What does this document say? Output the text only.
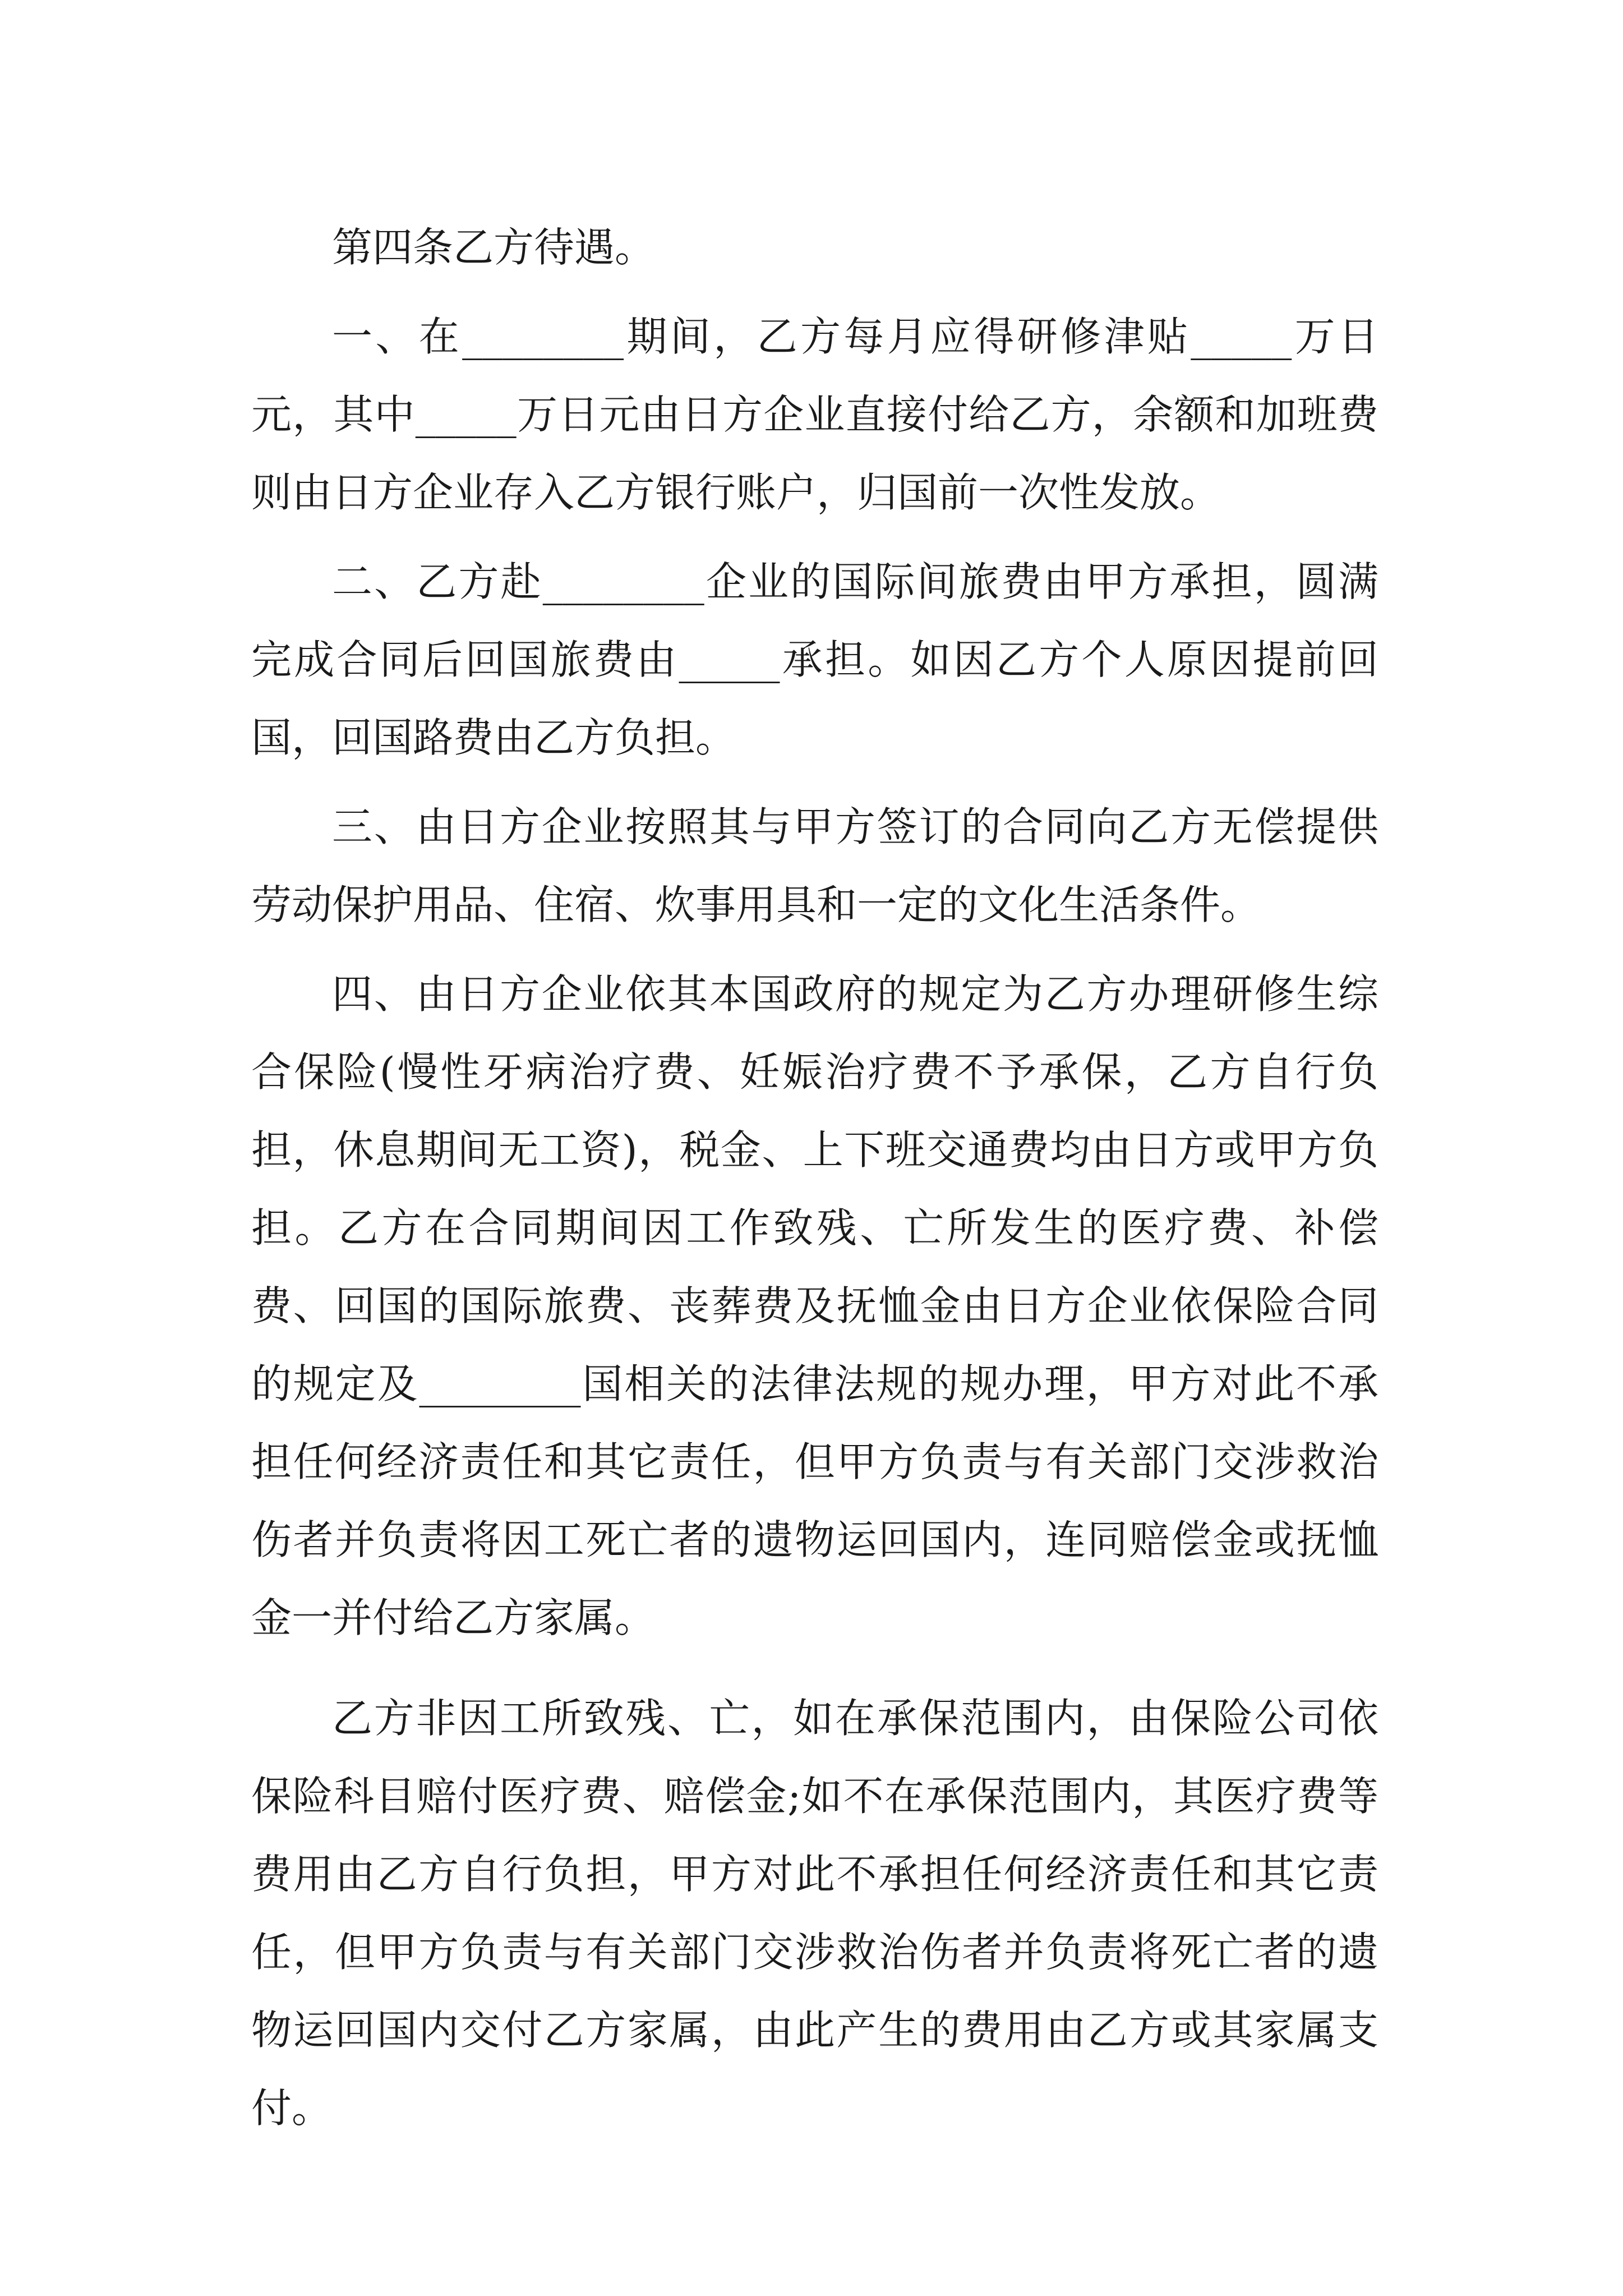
第四条乙方待遇。

一、在________期间，乙方每月应得研修津贴_____万日元，其中_____万日元由日方企业直接付给乙方，余额和加班费则由日方企业存入乙方银行账户，归国前一次性发放。

二、乙方赴________企业的国际间旅费由甲方承担，圆满完成合同后回国旅费由_____承担。如因乙方个人原因提前回国，回国路费由乙方负担。

三、由日方企业按照其与甲方签订的合同向乙方无偿提供劳动保护用品、住宿、炊事用具和一定的文化生活条件。

四、由日方企业依其本国政府的规定为乙方办理研修生综合保险(慢性牙病治疗费、妊娠治疗费不予承保，乙方自行负担，休息期间无工资)，税金、上下班交通费均由日方或甲方负担。乙方在合同期间因工作致残、亡所发生的医疗费、补偿费、回国的国际旅费、丧葬费及抚恤金由日方企业依保险合同的规定及________国相关的法律法规的规办理，甲方对此不承担任何经济责任和其它责任，但甲方负责与有关部门交涉救治伤者并负责将因工死亡者的遗物运回国内，连同赔偿金或抚恤金一并付给乙方家属。

乙方非因工所致残、亡，如在承保范围内，由保险公司依保险科目赔付医疗费、赔偿金;如不在承保范围内，其医疗费等费用由乙方自行负担，甲方对此不承担任何经济责任和其它责任，但甲方负责与有关部门交涉救治伤者并负责将死亡者的遗物运回国内交付乙方家属，由此产生的费用由乙方或其家属支付。
